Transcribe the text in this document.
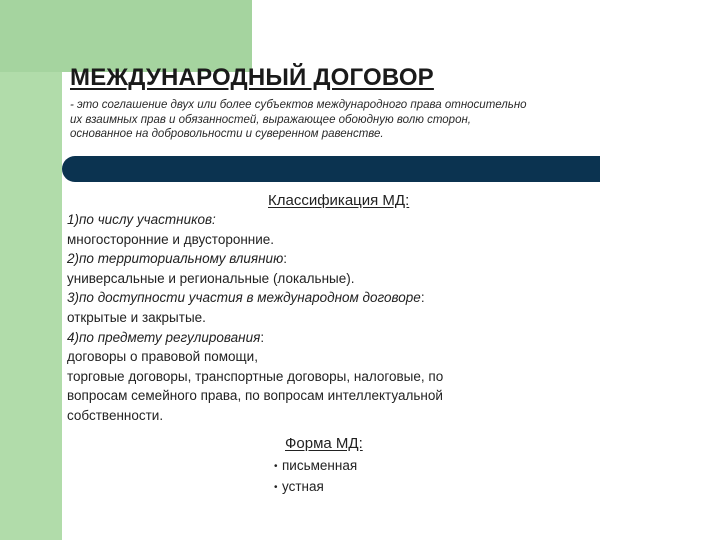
МЕЖДУНАРОДНЫЙ ДОГОВОР
- это соглашение двух или более субъектов международного права относительно
их взаимных прав и обязанностей, выражающее обоюдную волю сторон,
основанное на добровольности и суверенном равенстве.
Классификация МД:
1)по числу участников:
многосторонние и двусторонние.
2)по территориальному влиянию:
универсальные и региональные (локальные).
3)по доступности участия в международном договоре:
открытые и закрытые.
4)по предмету регулирования:
договоры о правовой помощи,
торговые договоры, транспортные договоры, налоговые, по
вопросам семейного права, по вопросам интеллектуальной
собственности.
Форма МД:
• письменная
• устная
